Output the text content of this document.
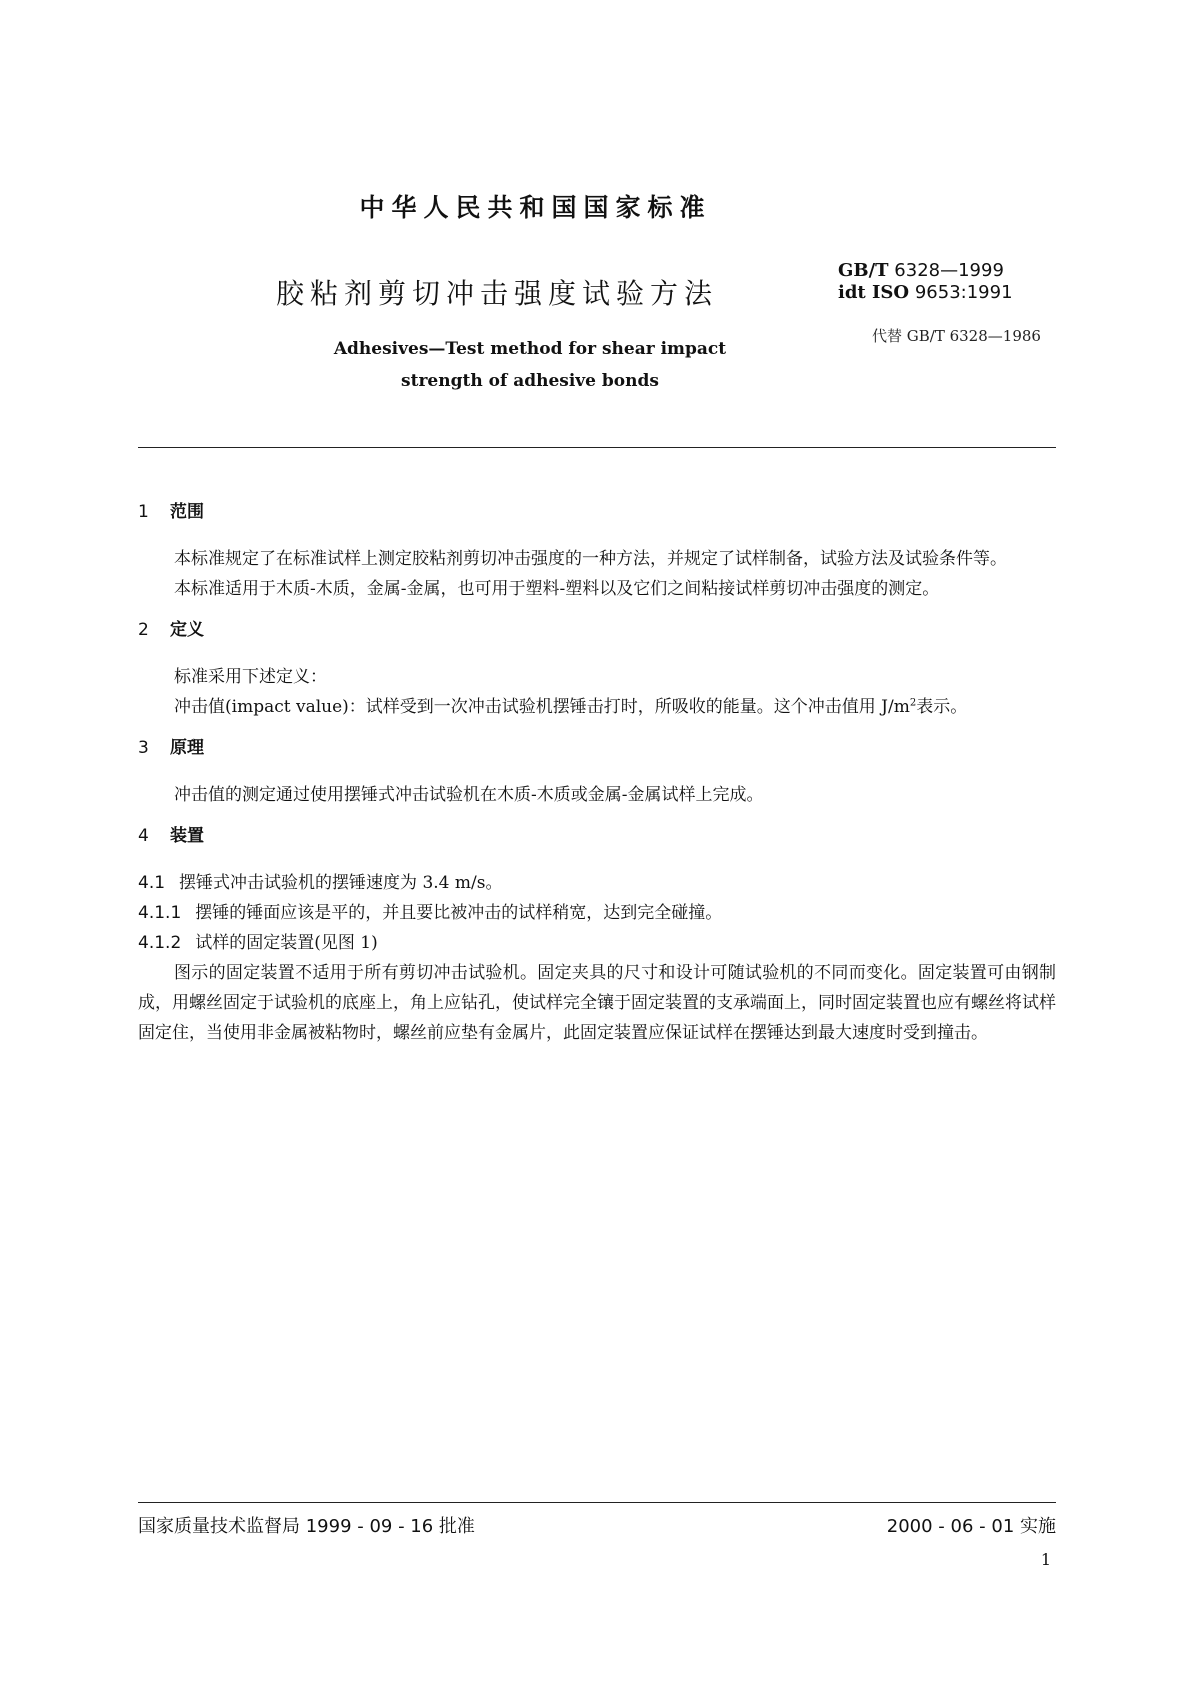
中华人民共和国国家标准
胶粘剂剪切冲击强度试验方法
GB/T 6328—1999
idt ISO 9653:1991
代替 GB/T 6328—1986
Adhesives—Test method for shear impact
strength of adhesive bonds
1 范围

本标准规定了在标准试样上测定胶粘剂剪切冲击强度的一种方法，并规定了试样制备，试验方法及试验条件等。

本标准适用于木质-木质，金属-金属，也可用于塑料-塑料以及它们之间粘接试样剪切冲击强度的测定。

2 定义

标准采用下述定义：

冲击值(impact value)：试样受到一次冲击试验机摆锤击打时，所吸收的能量。这个冲击值用 $J/m^2$表示。

3 原理

冲击值的测定通过使用摆锤式冲击试验机在木质-木质或金属-金属试样上完成。

4 装置

4.1 摆锤式冲击试验机的摆锤速度为 3.4 m/s。

4.1.1 摆锤的锤面应该是平的，并且要比被冲击的试样稍宽，达到完全碰撞。

4.1.2 试样的固定装置(见图 1)

图示的固定装置不适用于所有剪切冲击试验机。固定夹具的尺寸和设计可随试验机的不同而变化。固定装置可由钢制成，用螺丝固定于试验机的底座上，角上应钻孔，使试样完全镶于固定装置的支承端面上，同时固定装置也应有螺丝将试样固定住，当使用非金属被粘物时，螺丝前应垫有金属片，此固定装置应保证试样在摆锤达到最大速度时受到撞击。

国家质量技术监督局 1999 - 09 - 16 批准	2000 - 06 - 01 实施
1
